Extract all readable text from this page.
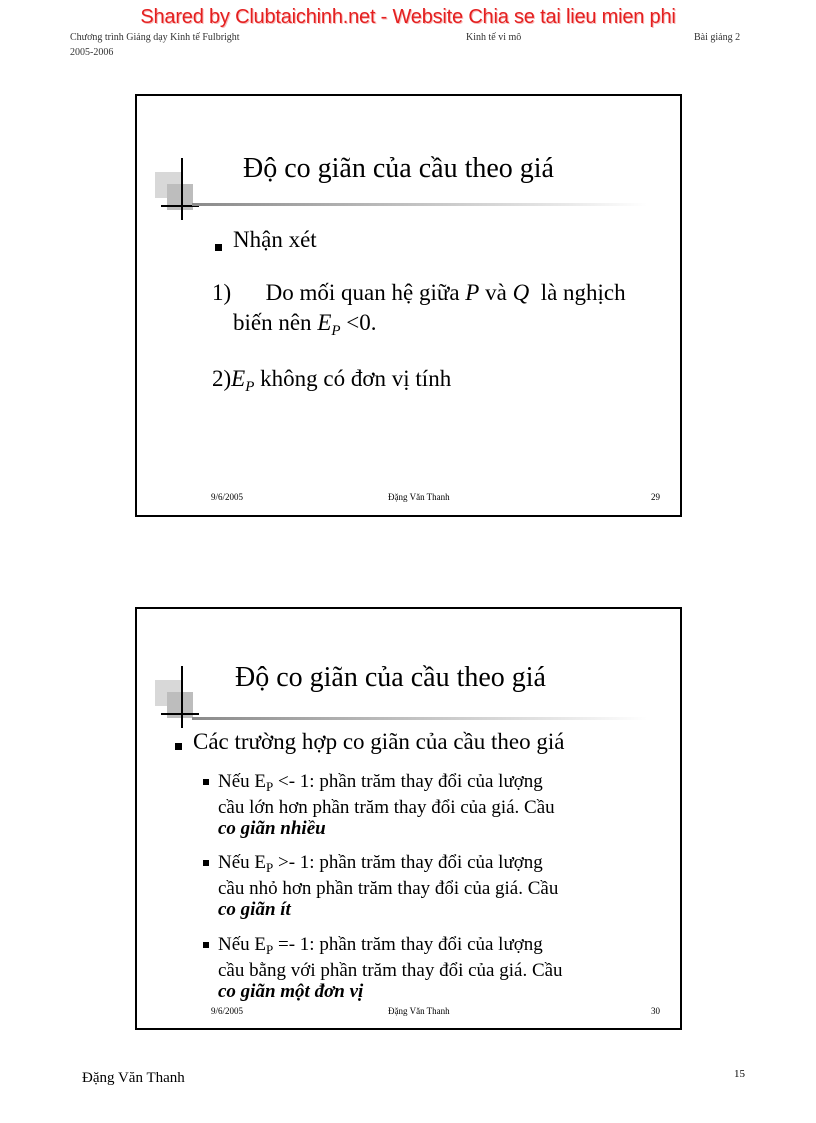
Chương trình Giảng dạy Kinh tế Fulbright
2005-2006
Kinh tế vi mô	Bài giảng 2
Shared by Clubtaichinh.net - Website Chia se tai lieu mien phi
Độ co giãn của cầu theo giá
Nhận xét
1)      Do mối quan hệ giữa P và Q  là nghịch
biến nên $E_P <0$.
$2)E_P$ không có đơn vị tính
9/6/2005	Đặng Văn Thanh	29
Độ co giãn của cầu theo giá
Các trường hợp co giãn của cầu theo giá
Nếu $E_P <- 1$: phần trăm thay đổi của lượng
cầu lớn hơn phần trăm thay đổi của giá. Cầu
co giãn nhiều
Nếu $E_P >- 1$: phần trăm thay đổi của lượng
cầu nhỏ hơn phần trăm thay đổi của giá. Cầu
co giãn ít
Nếu $E_P =- 1$: phần trăm thay đổi của lượng
cầu bằng với phần trăm thay đổi của giá. Cầu
co giãn một đơn vị
9/6/2005	Đặng Văn Thanh	30
Đặng Văn Thanh	15
